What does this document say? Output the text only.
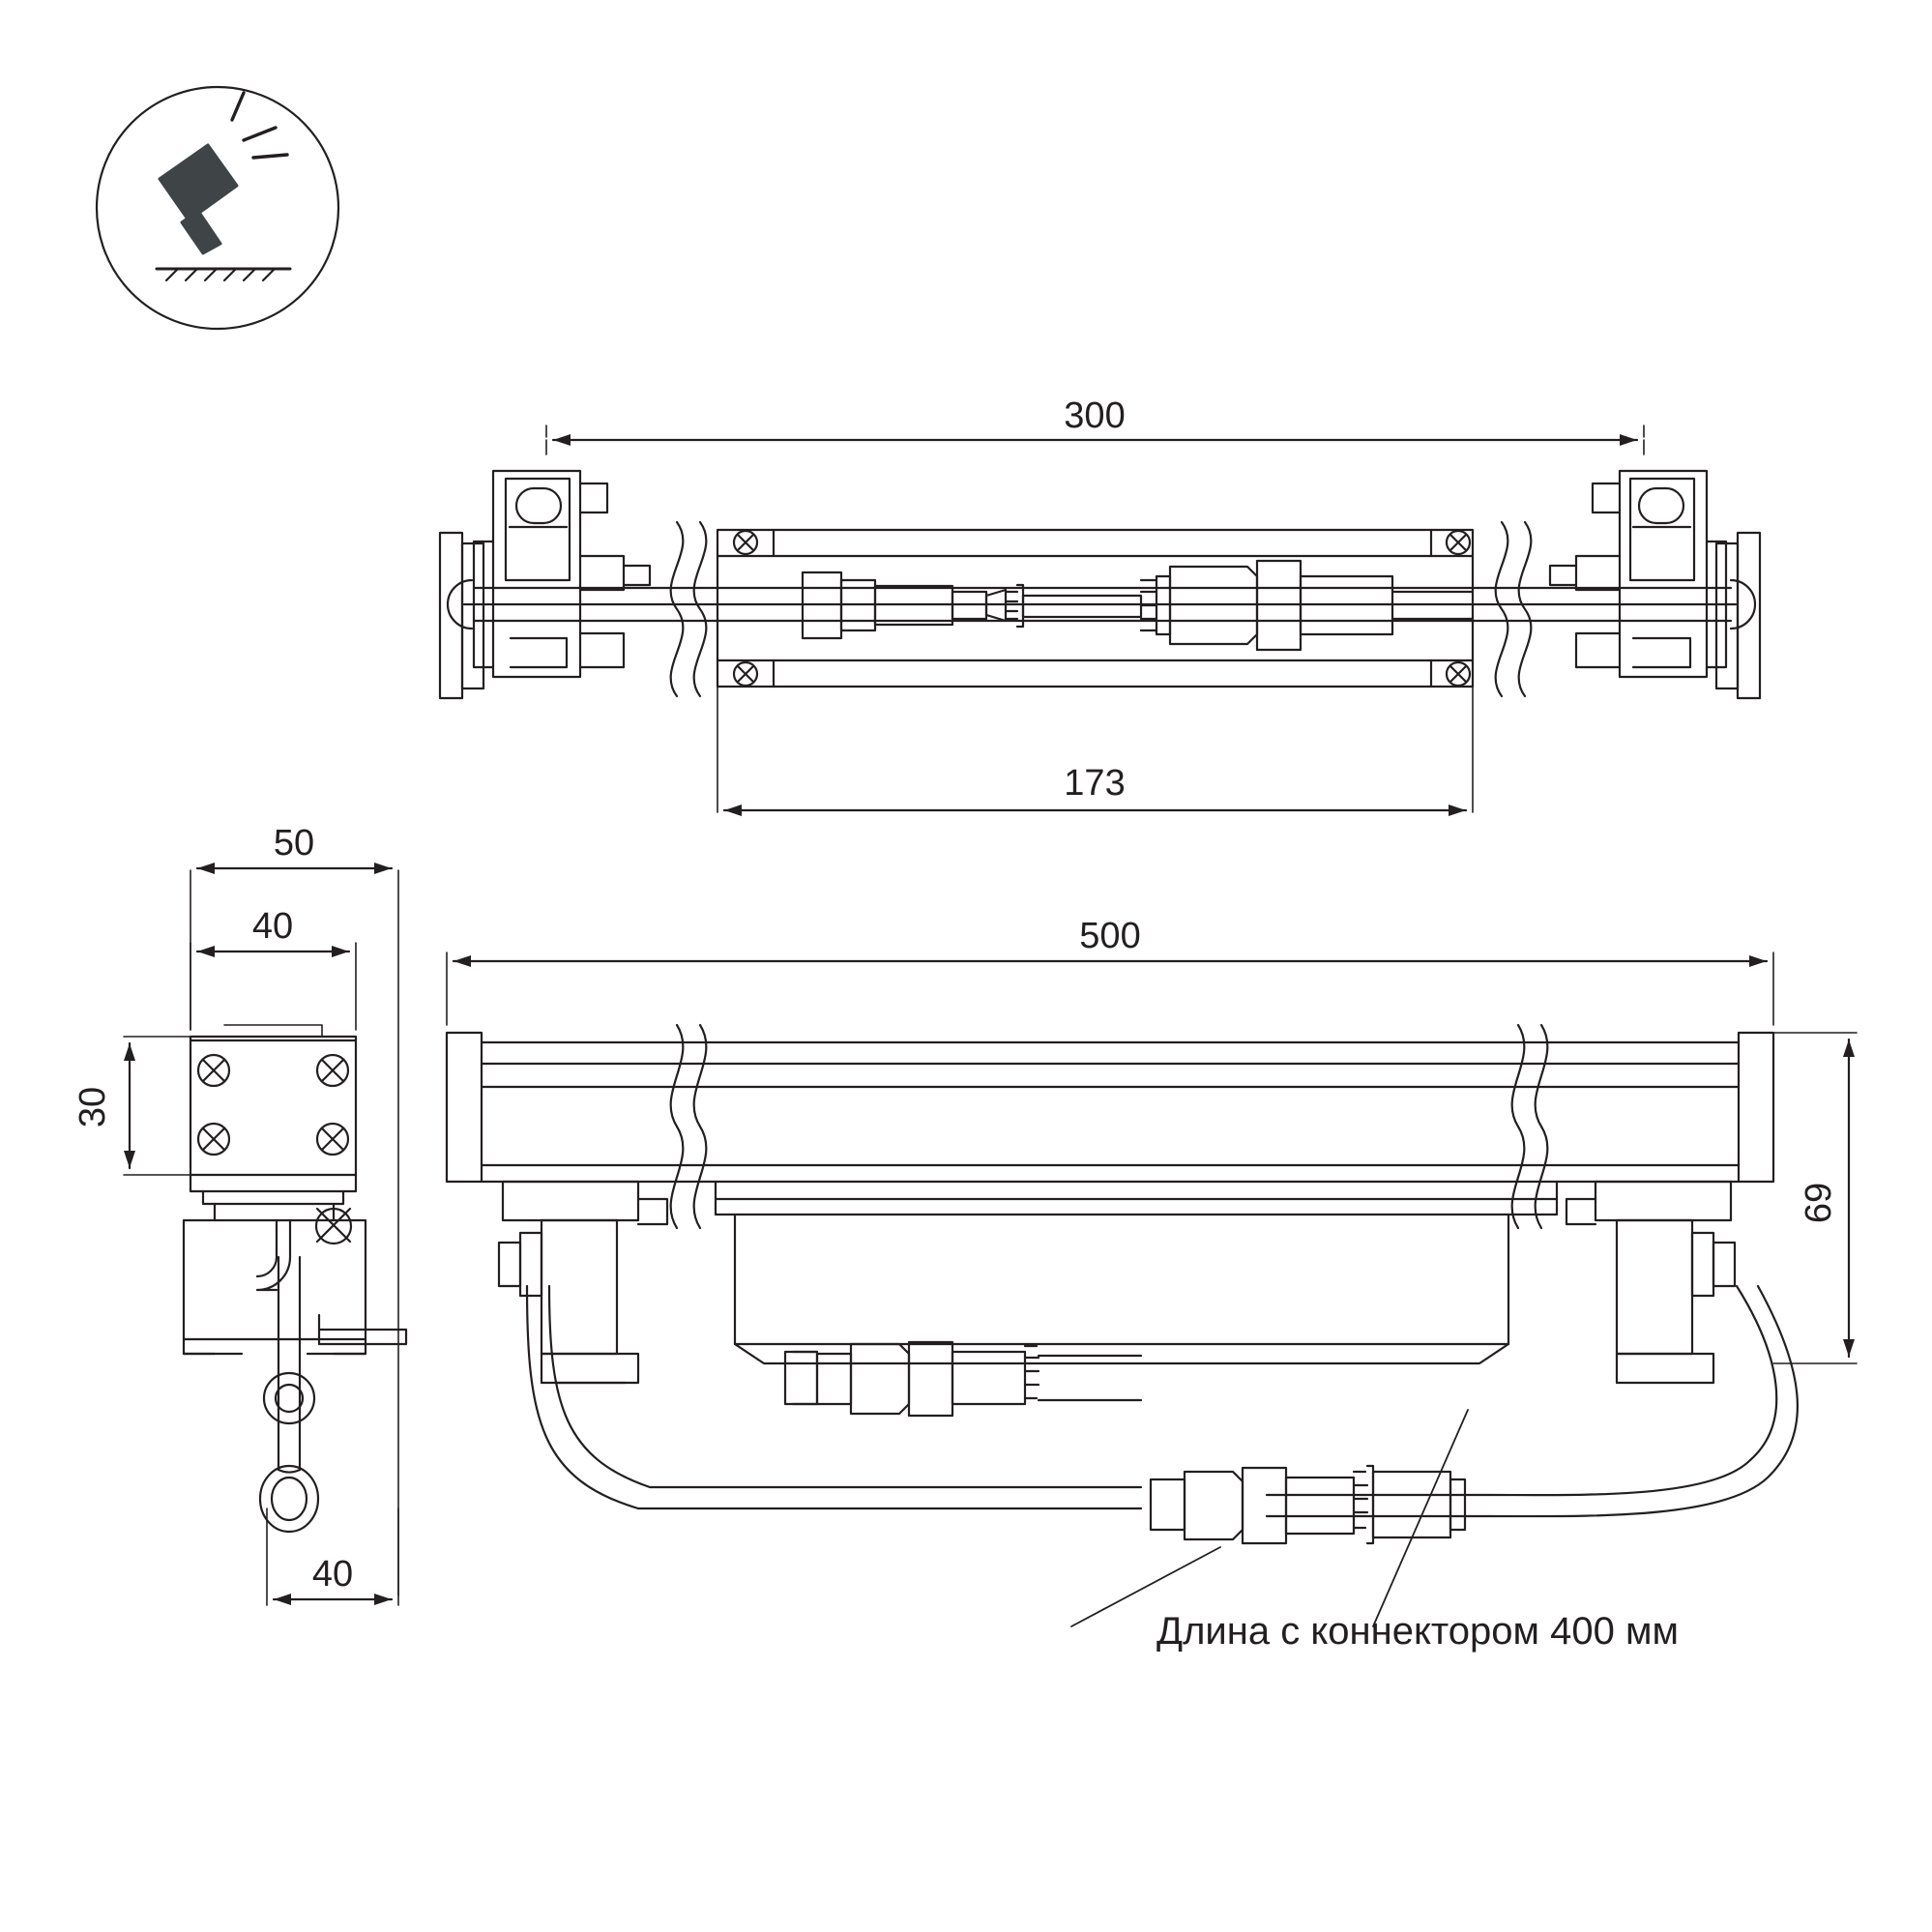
300
173
500
50
40
30
40
69
Длина с коннектором 400 мм
